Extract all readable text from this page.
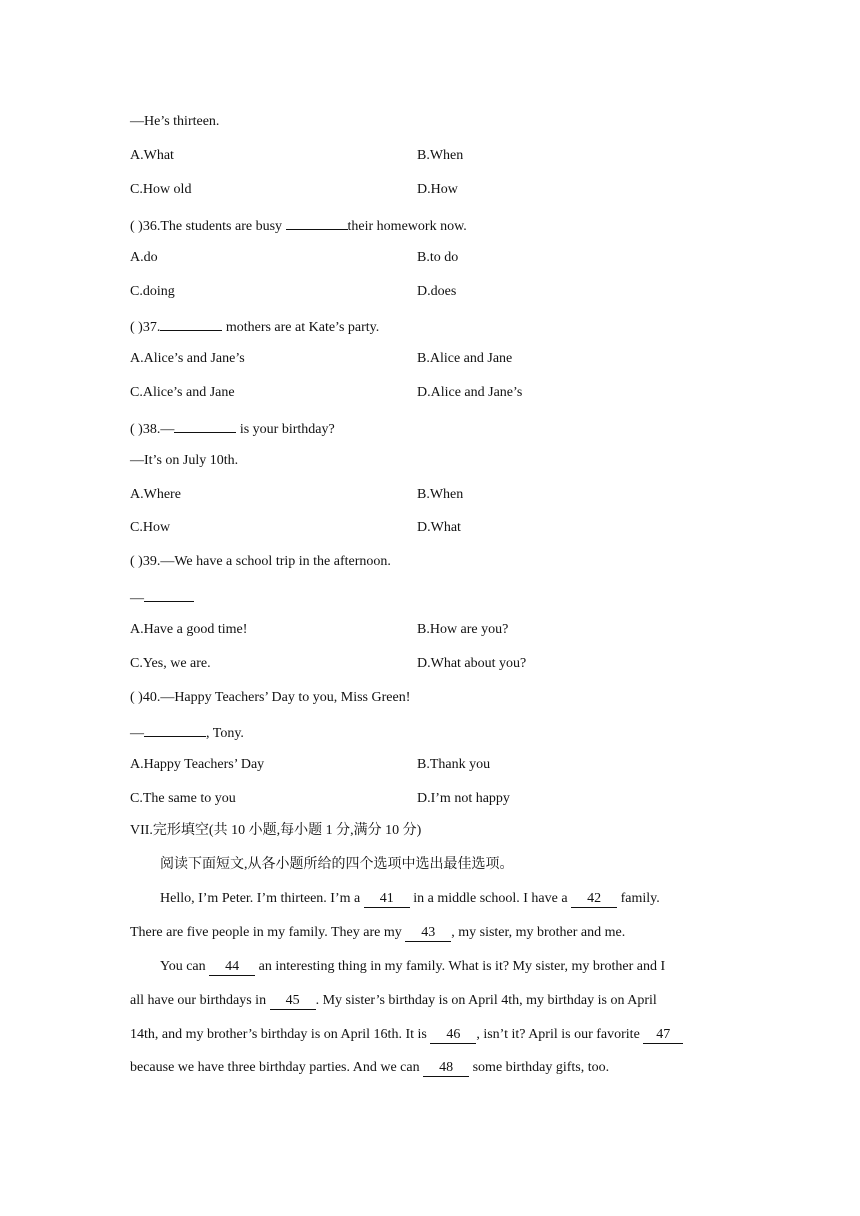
—He’s thirteen.
A.What	B.When
C.How old	D.How
( )36.The students are busy	their homework now.
A.do	B.to do
C.doing	D.does
( )37.	mothers are at Kate’s party.
A.Alice’s and Jane’s	B.Alice and Jane
C.Alice’s and Jane	D.Alice and Jane’s
( )38.—	is your birthday?
—It’s on July 10th.
A.Where	B.When
C.How	D.What
( )39.—We have a school trip in the afternoon.
—
A.Have a good time!	B.How are you?
C.Yes, we are.	D.What about you?
( )40.—Happy Teachers’ Day to you, Miss Green!
—	, Tony.
A.Happy Teachers’ Day	B.Thank you
C.The same to you	D.I’m not happy
VII.完形填空(共 10 小题,每小题 1 分,满分 10 分)
阅读下面短文,从各小题所给的四个选项中选出最佳选项。
Hello, I’m Peter. I’m thirteen. I’m a 41 in a middle school. I have a 42 family.
There are five people in my family. They are my 43 , my sister, my brother and me.
You can 44 an interesting thing in my family. What is it? My sister, my brother and I
all have our birthdays in 45 . My sister’s birthday is on April 4th, my birthday is on April
14th, and my brother’s birthday is on April 16th. It is 46 , isn’t it? April is our favorite 47
because we have three birthday parties. And we can 48 some birthday gifts, too.
